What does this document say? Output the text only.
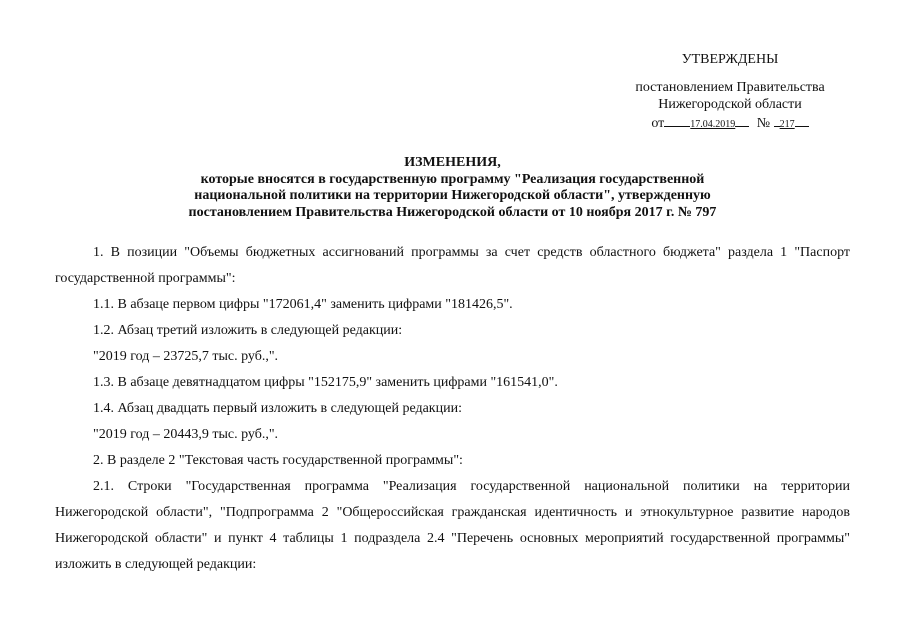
УТВЕРЖДЕНЫ
постановлением Правительства
Нижегородской области
от	17.04.2019 № 217
ИЗМЕНЕНИЯ,
которые вносятся в государственную программу "Реализация государственной
национальной политики на территории Нижегородской области", утвержденную
постановлением Правительства Нижегородской области от 10 ноября 2017 г. № 797

1. В позиции "Объемы бюджетных ассигнований программы за счет средств областного бюджета" раздела 1 "Паспорт государственной программы":

1.1. В абзаце первом цифры "172061,4" заменить цифрами "181426,5".

1.2. Абзац третий изложить в следующей редакции:

"2019 год – 23725,7 тыс. руб.,".

1.3. В абзаце девятнадцатом цифры "152175,9" заменить цифрами "161541,0".

1.4. Абзац двадцать первый изложить в следующей редакции:

"2019 год – 20443,9 тыс. руб.,".

2. В разделе 2 "Текстовая часть государственной программы":

2.1. Строки "Государственная программа "Реализация государственной национальной политики на территории Нижегородской области", "Подпрограмма 2 "Общероссийская гражданская идентичность и этнокультурное развитие народов Нижегородской области" и пункт 4 таблицы 1 подраздела 2.4 "Перечень основных мероприятий государственной программы" изложить в следующей редакции:
